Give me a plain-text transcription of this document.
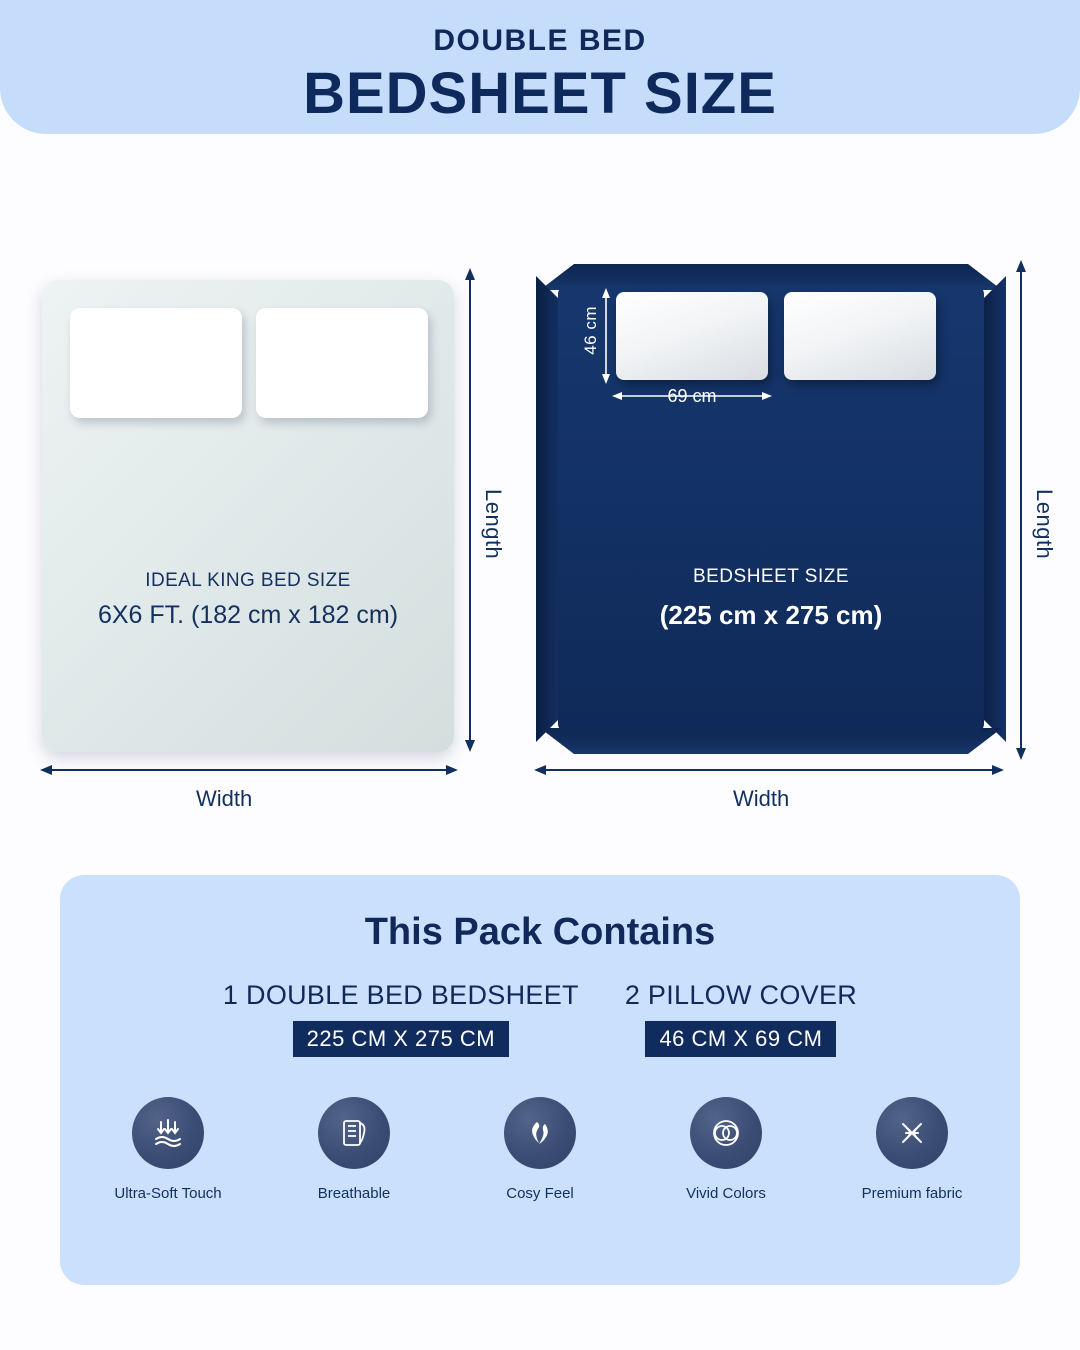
DOUBLE BED
BEDSHEET SIZE
IDEAL KING BED SIZE
6X6 FT. (182 cm x 182 cm)
Length
Width
Length
Width
46 cm
69 cm
BEDSHEET SIZE
(225 cm x 275 cm)
This Pack Contains
1 DOUBLE BED BEDSHEET
225 CM X 275 CM
2 PILLOW COVER
46 CM X 69 CM
Ultra-Soft Touch	Breathable	Cosy Feel	Vivid Colors	Premium fabric
